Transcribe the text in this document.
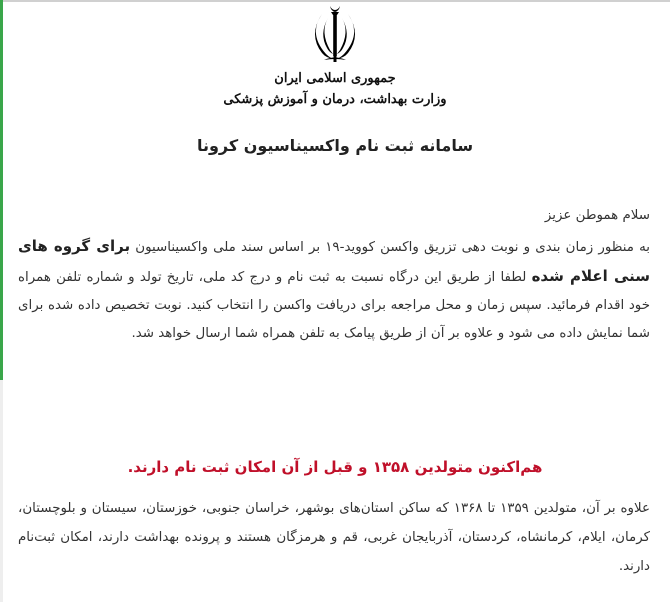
جمهوری اسلامی ایران
وزارت بهداشت، درمان و آموزش پزشکی
سامانه ثبت نام واکسیناسیون کرونا

سلام هموطن عزیز

به منظور زمان بندی و نوبت دهی تزریق واکسن کووید-۱۹ بر اساس سند ملی واکسیناسیون برای گروه های سنی اعلام شده لطفا از طریق این درگاه نسبت به ثبت نام و درج کد ملی، تاریخ تولد و شماره تلفن همراه خود اقدام فرمائید. سپس زمان و محل مراجعه برای دریافت واکسن را انتخاب کنید. نوبت تخصیص داده شده برای شما نمایش داده می شود و علاوه بر آن از طریق پیامک به تلفن همراه شما ارسال خواهد شد.

هم‌اکنون متولدین ۱۳۵۸ و قبل از آن امکان ثبت نام دارند.

علاوه بر آن، متولدین ۱۳۵۹ تا ۱۳۶۸ که ساکن استان‌های بوشهر، خراسان جنوبی، خوزستان، سیستان و بلوچستان، کرمان، ایلام، کرمانشاه، کردستان، آذربایجان غربی، قم و هرمزگان هستند و پرونده بهداشت دارند، امکان ثبت‌نام دارند.
